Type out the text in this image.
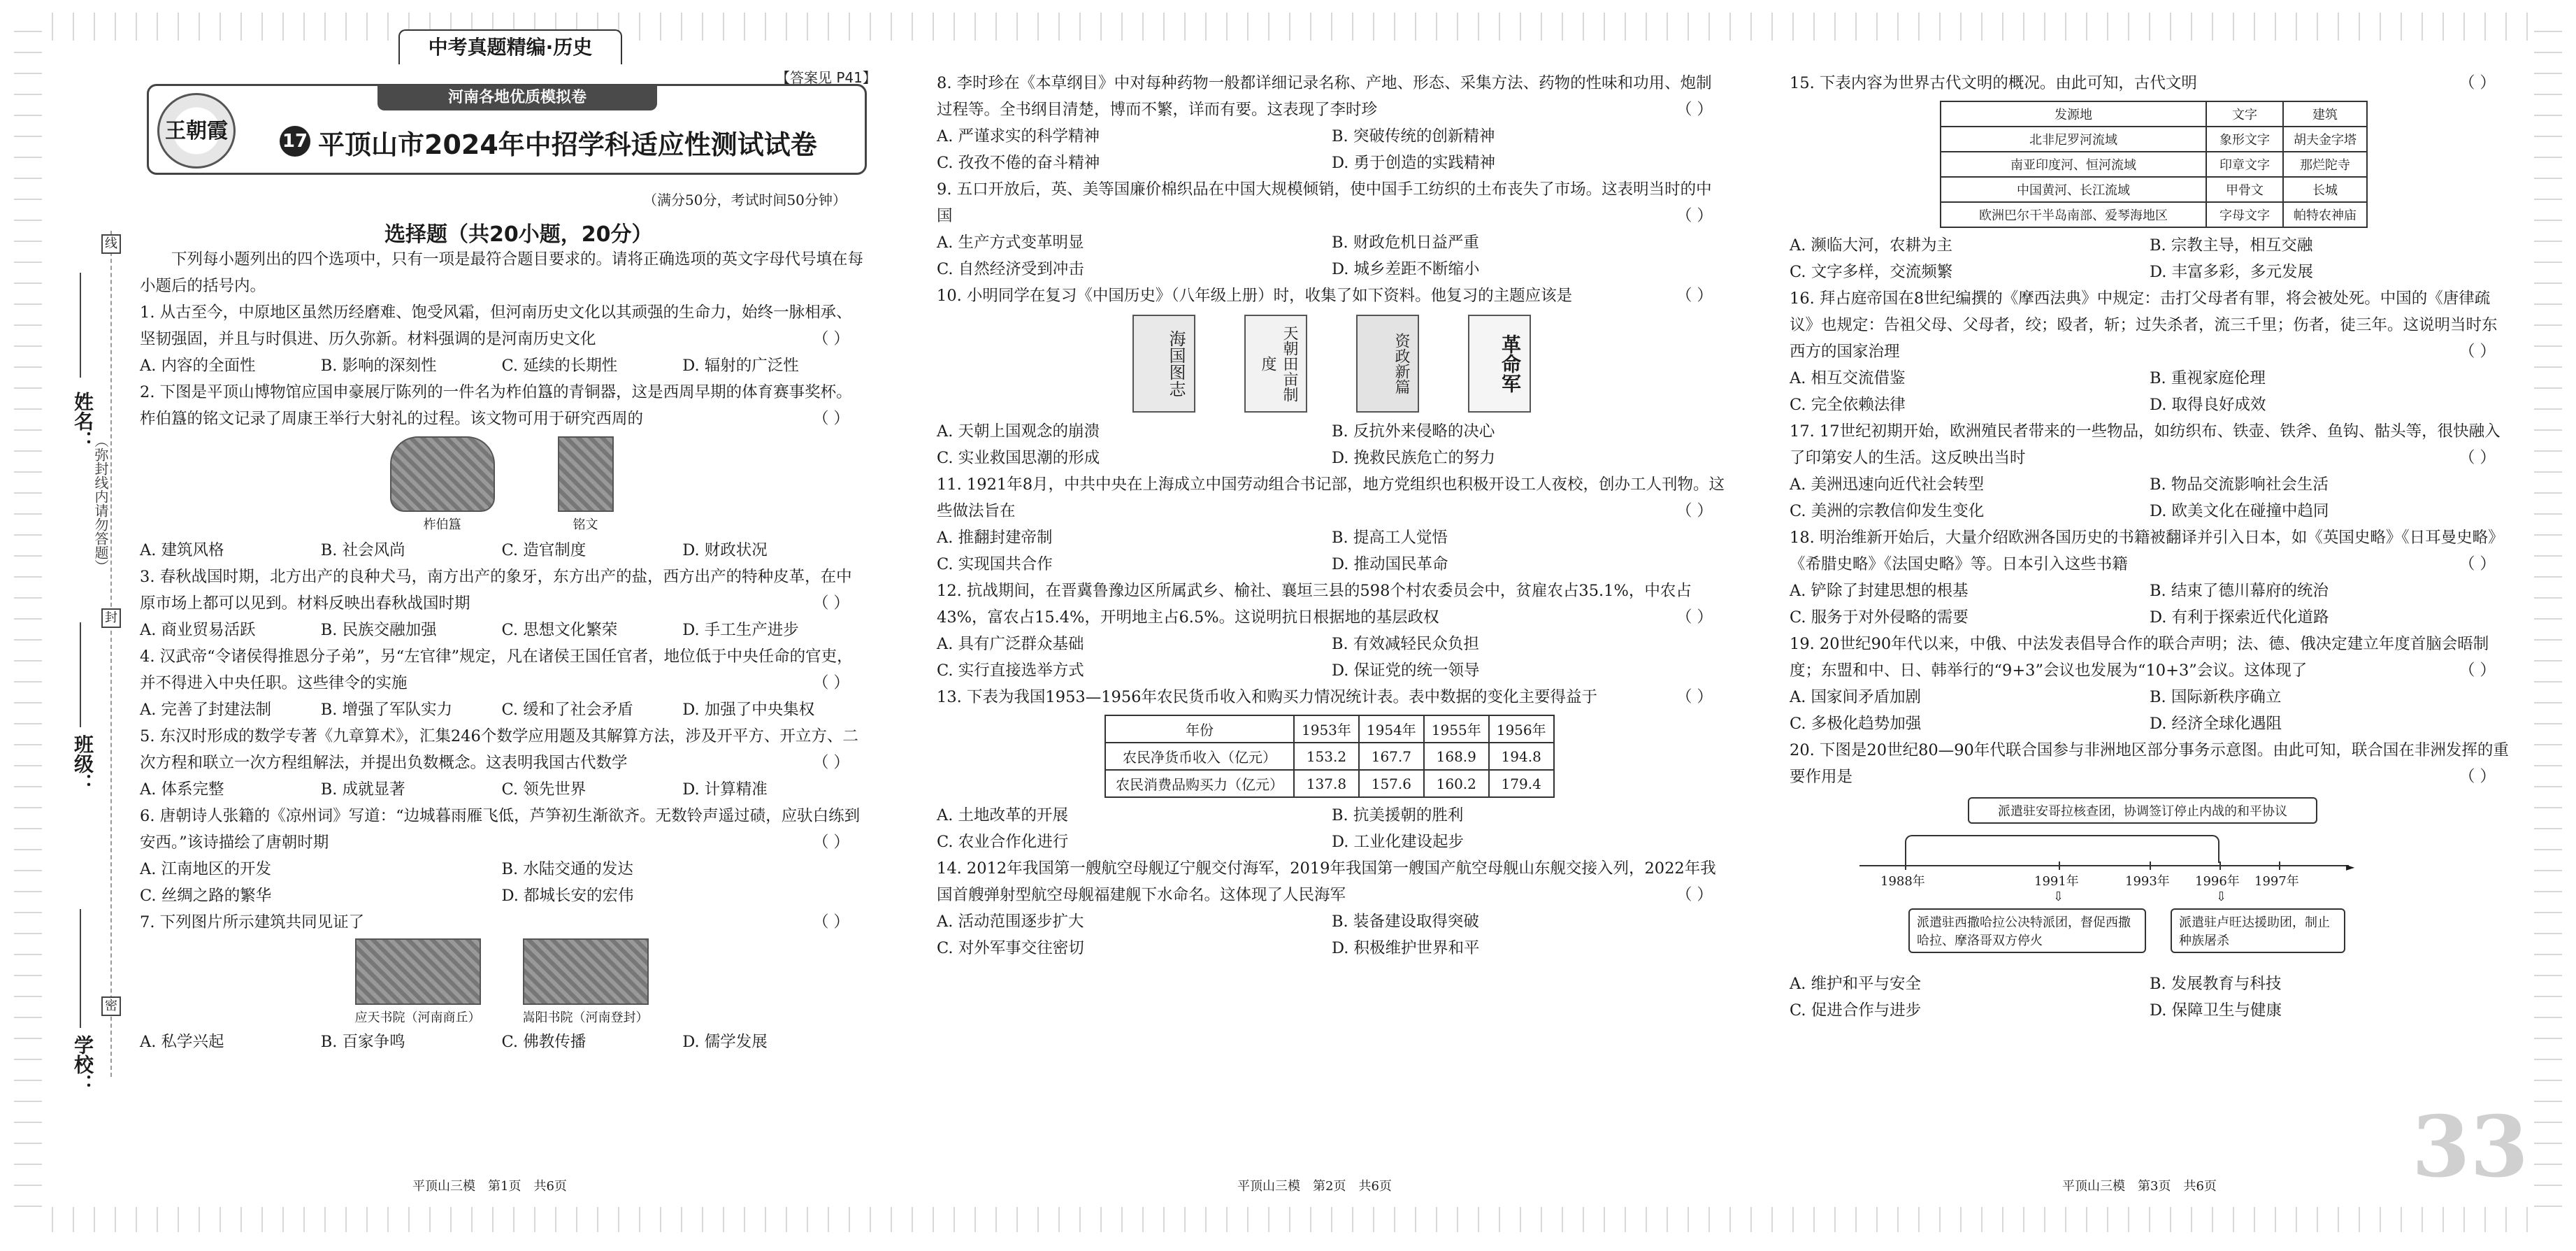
中考真题精编·历史
姓名：
班级：
学校：
（弥封线内请勿答题）
线
封
密
【答案见 P41】
河南各地优质模拟卷
王朝霞	17 平顶山市2024年中招学科适应性测试试卷
（满分50分，考试时间50分钟）
选择题（共20小题，20分）
下列每小题列出的四个选项中，只有一项是最符合题目要求的。请将正确选项的英文字母代号填在每小题后的括号内。
1. 从古至今，中原地区虽然历经磨难、饱受风霜，但河南历史文化以其顽强的生命力，始终一脉相承、坚韧强固，并且与时俱进、历久弥新。材料强调的是河南历史文化	（ ）
A. 内容的全面性	B. 影响的深刻性	C. 延续的长期性	D. 辐射的广泛性
2. 下图是平顶山博物馆应国申豪展厅陈列的一件名为柞伯簋的青铜器，这是西周早期的体育赛事奖杯。柞伯簋的铭文记录了周康王举行大射礼的过程。该文物可用于研究西周的	（ ）
柞伯簋	铭文
A. 建筑风格	B. 社会风尚	C. 造官制度	D. 财政状况
3. 春秋战国时期，北方出产的良种犬马，南方出产的象牙，东方出产的盐，西方出产的特种皮革，在中原市场上都可以见到。材料反映出春秋战国时期	（ ）
A. 商业贸易活跃	B. 民族交融加强	C. 思想文化繁荣	D. 手工生产进步
4. 汉武帝“令诸侯得推恩分子弟”，另“左官律”规定，凡在诸侯王国任官者，地位低于中央任命的官吏，并不得进入中央任职。这些律令的实施	（ ）
A. 完善了封建法制	B. 增强了军队实力	C. 缓和了社会矛盾	D. 加强了中央集权
5. 东汉时形成的数学专著《九章算术》，汇集246个数学应用题及其解算方法，涉及开平方、开立方、二次方程和联立一次方程组解法，并提出负数概念。这表明我国古代数学	（ ）
A. 体系完整	B. 成就显著	C. 领先世界	D. 计算精准
6. 唐朝诗人张籍的《凉州词》写道：“边城暮雨雁飞低，芦笋初生渐欲齐。无数铃声遥过碛，应驮白练到安西。”该诗描绘了唐朝时期	（ ）
A. 江南地区的开发	B. 水陆交通的发达
C. 丝绸之路的繁华	D. 都城长安的宏伟
7. 下列图片所示建筑共同见证了	（ ）
应天书院（河南商丘）	嵩阳书院（河南登封）
A. 私学兴起	B. 百家争鸣	C. 佛教传播	D. 儒学发展
8. 李时珍在《本草纲目》中对每种药物一般都详细记录名称、产地、形态、采集方法、药物的性味和功用、炮制过程等。全书纲目清楚，博而不繁，详而有要。这表现了李时珍	（ ）
A. 严谨求实的科学精神	B. 突破传统的创新精神
C. 孜孜不倦的奋斗精神	D. 勇于创造的实践精神
9. 五口开放后，英、美等国廉价棉织品在中国大规模倾销，使中国手工纺织的土布丧失了市场。这表明当时的中国	（ ）
A. 生产方式变革明显	B. 财政危机日益严重
C. 自然经济受到冲击	D. 城乡差距不断缩小
10. 小明同学在复习《中国历史》（八年级上册）时，收集了如下资料。他复习的主题应该是	（ ）
海国图志	天朝田亩制度	资政新篇	革命军
A. 天朝上国观念的崩溃	B. 反抗外来侵略的决心
C. 实业救国思潮的形成	D. 挽救民族危亡的努力
11. 1921年8月，中共中央在上海成立中国劳动组合书记部，地方党组织也积极开设工人夜校，创办工人刊物。这些做法旨在	（ ）
A. 推翻封建帝制	B. 提高工人觉悟
C. 实现国共合作	D. 推动国民革命
12. 抗战期间，在晋冀鲁豫边区所属武乡、榆社、襄垣三县的598个村农委员会中，贫雇农占35.1%，中农占43%，富农占15.4%，开明地主占6.5%。这说明抗日根据地的基层政权	（ ）
A. 具有广泛群众基础	B. 有效减轻民众负担
C. 实行直接选举方式	D. 保证党的统一领导
13. 下表为我国1953—1956年农民货币收入和购买力情况统计表。表中数据的变化主要得益于	（ ）
年份	1953年	1954年	1955年	1956年
农民净货币收入（亿元）	153.2	167.7	168.9	194.8
农民消费品购买力（亿元）	137.8	157.6	160.2	179.4
A. 土地改革的开展	B. 抗美援朝的胜利
C. 农业合作化进行	D. 工业化建设起步
14. 2012年我国第一艘航空母舰辽宁舰交付海军，2019年我国第一艘国产航空母舰山东舰交接入列，2022年我国首艘弹射型航空母舰福建舰下水命名。这体现了人民海军	（ ）
A. 活动范围逐步扩大	B. 装备建设取得突破
C. 对外军事交往密切	D. 积极维护世界和平
15. 下表内容为世界古代文明的概况。由此可知，古代文明	（ ）
发源地	文字	建筑
北非尼罗河流域	象形文字	胡夫金字塔
南亚印度河、恒河流域	印章文字	那烂陀寺
中国黄河、长江流域	甲骨文	长城
欧洲巴尔干半岛南部、爱琴海地区	字母文字	帕特农神庙
A. 濒临大河，农耕为主	B. 宗教主导，相互交融
C. 文字多样，交流频繁	D. 丰富多彩，多元发展
16. 拜占庭帝国在8世纪编撰的《摩西法典》中规定：击打父母者有罪，将会被处死。中国的《唐律疏议》也规定：告祖父母、父母者，绞；殴者，斩；过失杀者，流三千里；伤者，徒三年。这说明当时东西方的国家治理	（ ）
A. 相互交流借鉴	B. 重视家庭伦理
C. 完全依赖法律	D. 取得良好成效
17. 17世纪初期开始，欧洲殖民者带来的一些物品，如纺织布、铁壶、铁斧、鱼钩、骷头等，很快融入了印第安人的生活。这反映出当时	（ ）
A. 美洲迅速向近代社会转型	B. 物品交流影响社会生活
C. 美洲的宗教信仰发生变化	D. 欧美文化在碰撞中趋同
18. 明治维新开始后，大量介绍欧洲各国历史的书籍被翻译并引入日本，如《英国史略》《日耳曼史略》《希腊史略》《法国史略》等。日本引入这些书籍	（ ）
A. 铲除了封建思想的根基	B. 结束了德川幕府的统治
C. 服务于对外侵略的需要	D. 有利于探索近代化道路
19. 20世纪90年代以来，中俄、中法发表倡导合作的联合声明；法、德、俄决定建立年度首脑会晤制度；东盟和中、日、韩举行的“9+3”会议也发展为“10+3”会议。这体现了	（ ）
A. 国家间矛盾加剧	B. 国际新秩序确立
C. 多极化趋势加强	D. 经济全球化遇阻
20. 下图是20世纪80—90年代联合国参与非洲地区部分事务示意图。由此可知，联合国在非洲发挥的重要作用是	（ ）
派遣驻安哥拉核查团，协调签订停止内战的和平协议
►
1988年	1991年	1993年 1996年 1997年
⇩	⇩
派遣驻西撒哈拉公决特派团，督促西撒哈拉、摩洛哥双方停火
派遣驻卢旺达援助团，制止种族屠杀
A. 维护和平与安全	B. 发展教育与科技
C. 促进合作与进步	D. 保障卫生与健康
33
平顶山三模　第1页　共6页	平顶山三模　第2页　共6页	平顶山三模　第3页　共6页
